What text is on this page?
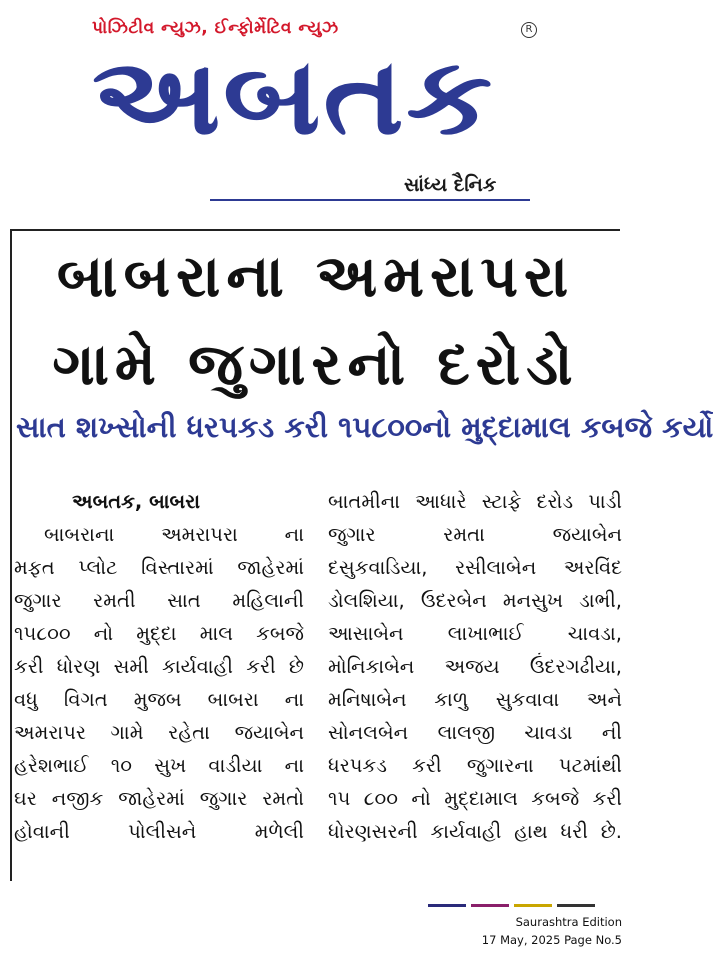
પોઝિટીવ ન્યુઝ, ઈન્ફોર્મેટિવ ન્યુઝ	R
અબતક
સાંધ્ય દૈનિક
બાબરાના અમરાપરા
ગામે જુગારનો દરોડો
સાત શખ્સોની ધરપકડ કરી ૧૫૮૦૦નો મુદ્દામાલ કબજે કર્યો
અબતક, બાબરા
બાબરાના અમરાપરા ના
મફત પ્લોટ વિસ્તારમાં જાહેરમાં
જુગાર રમતી સાત મહિલાની
૧૫૮૦૦ નો મુદ્દા માલ કબજે
કરી ધોરણ સમી કાર્યવાહી કરી છે
વધુ વિગત મુજબ બાબરા ના
અમરાપર ગામે રહેતા જયાબેન
હરેશભાઈ ૧૦ સુખ વાડીયા ના
ઘર નજીક જાહેરમાં જુગાર રમતો
હોવાની પોલીસને મળેલી
બાતમીના આધારે સ્ટાફે દરોડ પાડી
જુગાર રમતા જયાબેન
દસુકવાડિયા, રસીલાબેન અરવિંદ
ડોલશિયા, ઉદરબેન મનસુખ ડાભી,
આસાબેન લાખાભાઈ ચાવડા,
મોનિકાબેન અજય ઉંદરગઢીયા,
મનિષાબેન કાળુ સુકવાવા અને
સોનલબેન લાલજી ચાવડા ની
ધરપકડ કરી જુગારના પટમાંથી
૧૫ ૮૦૦ નો મુદ્દામાલ કબજે કરી
ધોરણસરની કાર્યવાહી હાથ ધરી છે.
Saurashtra Edition
17 May, 2025 Page No.5
